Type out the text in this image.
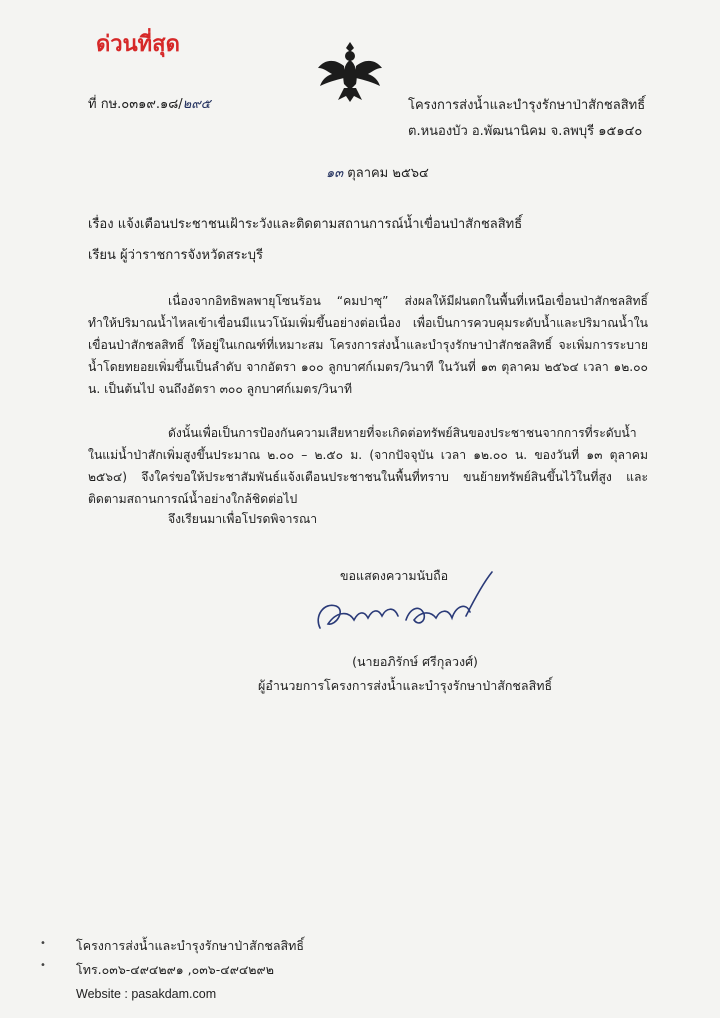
ด่วนที่สุด
ที่ กษ.๐๓๑๙.๑๘/๒๙๕	โครงการส่งน้ำและบำรุงรักษาป่าสักชลสิทธิ์
ต.หนองบัว อ.พัฒนานิคม จ.ลพบุรี ๑๕๑๔๐
๑๓ ตุลาคม ๒๕๖๔
เรื่อง แจ้งเตือนประชาชนเฝ้าระวังและติดตามสถานการณ์น้ำเขื่อนป่าสักชลสิทธิ์
เรียน ผู้ว่าราชการจังหวัดสระบุรี
เนื่องจากอิทธิพลพายุโซนร้อน “คมปาซุ” ส่งผลให้มีฝนตกในพื้นที่เหนือเขื่อนป่าสักชลสิทธิ์ ทำให้ปริมาณน้ำไหลเข้าเขื่อนมีแนวโน้มเพิ่มขึ้นอย่างต่อเนื่อง เพื่อเป็นการควบคุมระดับน้ำและปริมาณน้ำในเขื่อนป่าสักชลสิทธิ์ ให้อยู่ในเกณฑ์ที่เหมาะสม โครงการส่งน้ำและบำรุงรักษาป่าสักชลสิทธิ์ จะเพิ่มการระบายน้ำโดยทยอยเพิ่มขึ้นเป็นลำดับ จากอัตรา ๑๐๐ ลูกบาศก์เมตร/วินาที ในวันที่ ๑๓ ตุลาคม ๒๕๖๔ เวลา ๑๒.๐๐ น. เป็นต้นไป จนถึงอัตรา ๓๐๐ ลูกบาศก์เมตร/วินาที
ดังนั้นเพื่อเป็นการป้องกันความเสียหายที่จะเกิดต่อทรัพย์สินของประชาชนจากการที่ระดับน้ำในแม่น้ำป่าสักเพิ่มสูงขึ้นประมาณ ๒.๐๐ – ๒.๕๐ ม. (จากปัจจุบัน เวลา ๑๒.๐๐ น. ของวันที่ ๑๓ ตุลาคม ๒๕๖๔) จึงใคร่ขอให้ประชาสัมพันธ์แจ้งเตือนประชาชนในพื้นที่ทราบ ขนย้ายทรัพย์สินขึ้นไว้ในที่สูง และติดตามสถานการณ์น้ำอย่างใกล้ชิดต่อไป
จึงเรียนมาเพื่อโปรดพิจารณา
ขอแสดงความนับถือ
(นายอภิรักษ์ ศรีกุลวงศ์)
ผู้อำนวยการโครงการส่งน้ำและบำรุงรักษาป่าสักชลสิทธิ์
•
•
โครงการส่งน้ำและบำรุงรักษาป่าสักชลสิทธิ์
โทร.๐๓๖-๔๙๔๒๙๑ ,๐๓๖-๔๙๔๒๙๒
Website : pasakdam.com
